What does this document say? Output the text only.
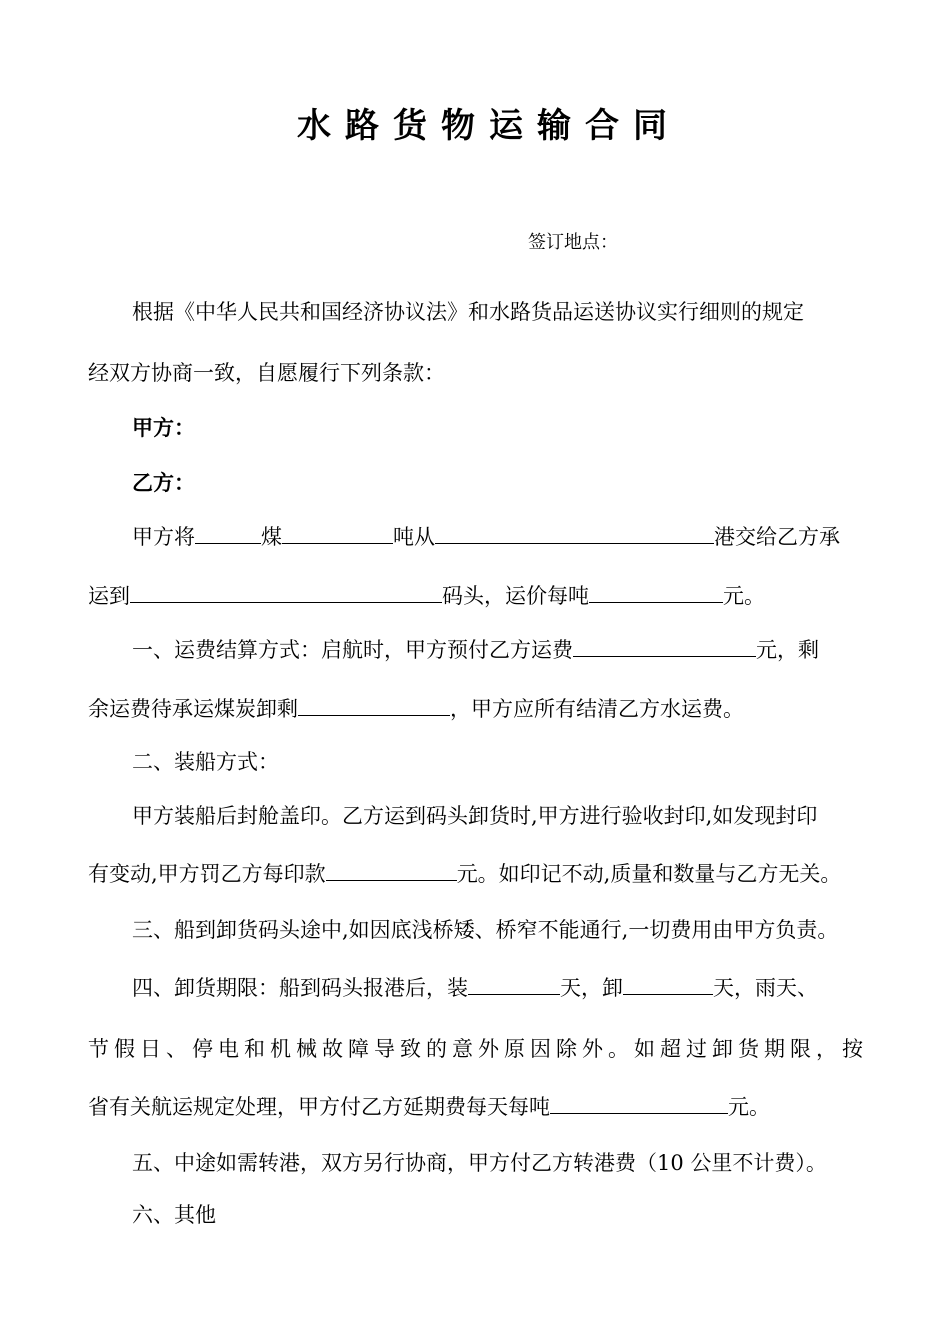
水路货物运输合同
签订地点：
根据《中华人民共和国经济协议法》和水路货品运送协议实行细则的规定
经双方协商一致，自愿履行下列条款：
甲方：
乙方：
甲方将	煤	吨从	港交给乙方承
运到	码头，运价每吨	元。
一、运费结算方式：启航时，甲方预付乙方运费	元，剩
余运费待承运煤炭卸剩	，甲方应所有结清乙方水运费。
二、装船方式：
甲方装船后封舱盖印。乙方运到码头卸货时,甲方进行验收封印,如发现封印
有变动,甲方罚乙方每印款	元。如印记不动,质量和数量与乙方无关。
三、船到卸货码头途中,如因底浅桥矮、桥窄不能通行,一切费用由甲方负责。
四、卸货期限：船到码头报港后，装	天，卸	天，雨天、
节假日、停电和机械故障导致的意外原因除外。如超过卸货期限，按
省有关航运规定处理，甲方付乙方延期费每天每吨	元。
五、中途如需转港，双方另行协商，甲方付乙方转港费（10 公里不计费）。
六、其他
